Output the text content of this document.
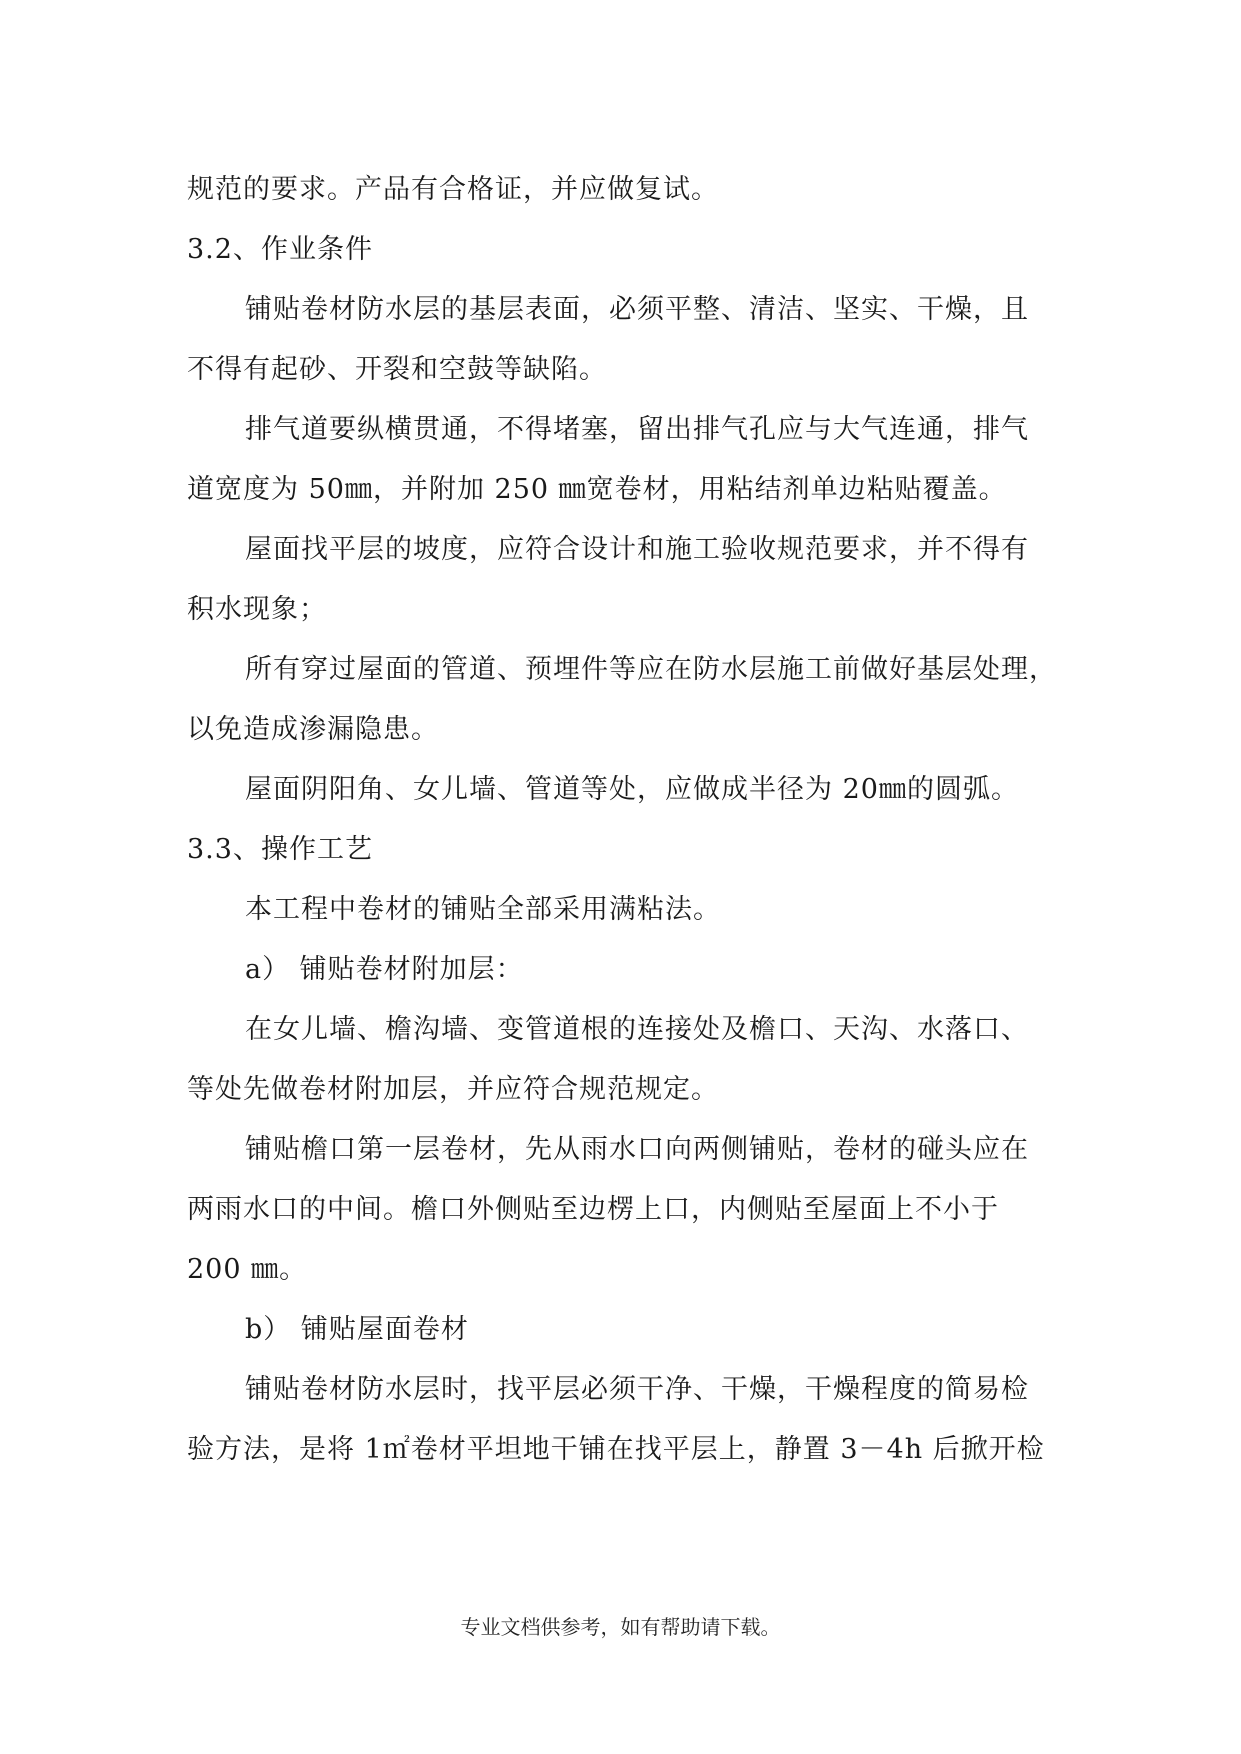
规范的要求。产品有合格证，并应做复试。
3.2、作业条件
铺贴卷材防水层的基层表面，必须平整、清洁、坚实、干燥，且
不得有起砂、开裂和空鼓等缺陷。
排气道要纵横贯通，不得堵塞，留出排气孔应与大气连通，排气
道宽度为 50㎜，并附加 250 ㎜宽卷材，用粘结剂单边粘贴覆盖。
屋面找平层的坡度，应符合设计和施工验收规范要求，并不得有
积水现象；
所有穿过屋面的管道、预埋件等应在防水层施工前做好基层处理，
以免造成渗漏隐患。
屋面阴阳角、女儿墙、管道等处，应做成半径为 20㎜的圆弧。
3.3、操作工艺
本工程中卷材的铺贴全部采用满粘法。
a） 铺贴卷材附加层：
在女儿墙、檐沟墙、变管道根的连接处及檐口、天沟、水落口、
等处先做卷材附加层，并应符合规范规定。
铺贴檐口第一层卷材，先从雨水口向两侧铺贴，卷材的碰头应在
两雨水口的中间。檐口外侧贴至边楞上口，内侧贴至屋面上不小于
200 ㎜。
b） 铺贴屋面卷材
铺贴卷材防水层时，找平层必须干净、干燥，干燥程度的简易检
验方法，是将 1㎡卷材平坦地干铺在找平层上，静置 3－4h 后掀开检
专业文档供参考，如有帮助请下载。
